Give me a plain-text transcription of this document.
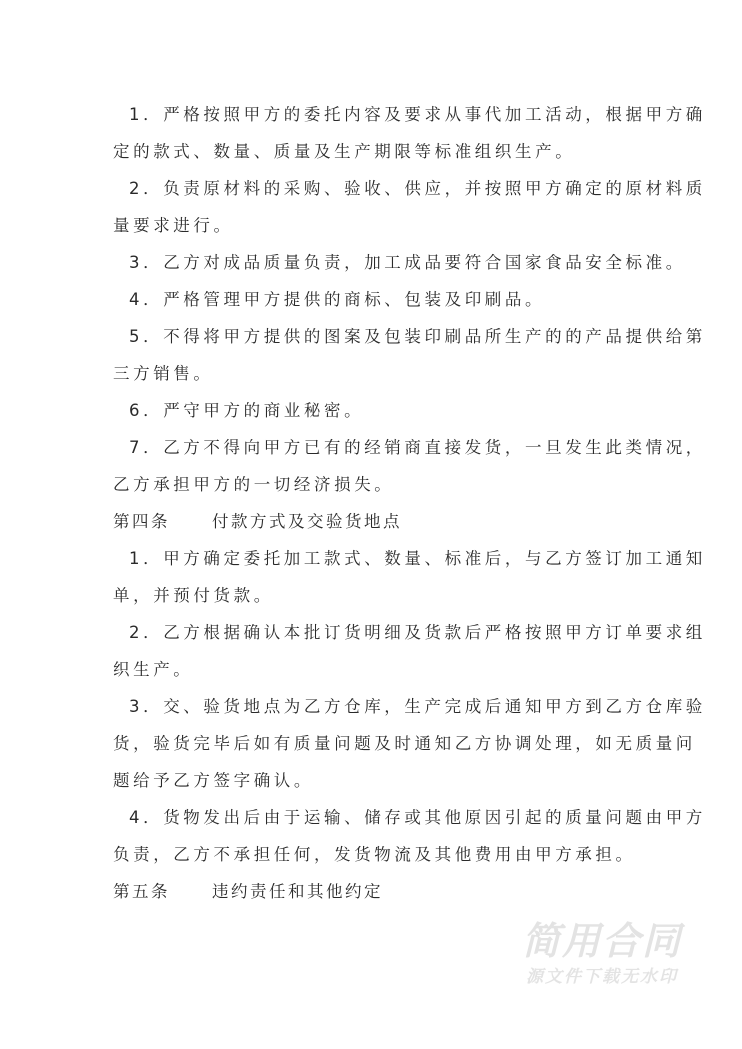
1．严格按照甲方的委托内容及要求从事代加工活动，根据甲方确
定的款式、数量、质量及生产期限等标准组织生产。
2．负责原材料的采购、验收、供应，并按照甲方确定的原材料质
量要求进行。
3．乙方对成品质量负责，加工成品要符合国家食品安全标准。
4．严格管理甲方提供的商标、包装及印刷品。
5．不得将甲方提供的图案及包装印刷品所生产的的产品提供给第
三方销售。
6．严守甲方的商业秘密。
7．乙方不得向甲方已有的经销商直接发货，一旦发生此类情况，
乙方承担甲方的一切经济损失。
第四条	付款方式及交验货地点
1．甲方确定委托加工款式、数量、标准后，与乙方签订加工通知
单，并预付货款。
2．乙方根据确认本批订货明细及货款后严格按照甲方订单要求组
织生产。
3．交、验货地点为乙方仓库，生产完成后通知甲方到乙方仓库验
货，验货完毕后如有质量问题及时通知乙方协调处理，如无质量问
题给予乙方签字确认。
4．货物发出后由于运输、储存或其他原因引起的质量问题由甲方
负责，乙方不承担任何，发货物流及其他费用由甲方承担。
第五条	违约责任和其他约定
简用合同
源文件下载无水印
